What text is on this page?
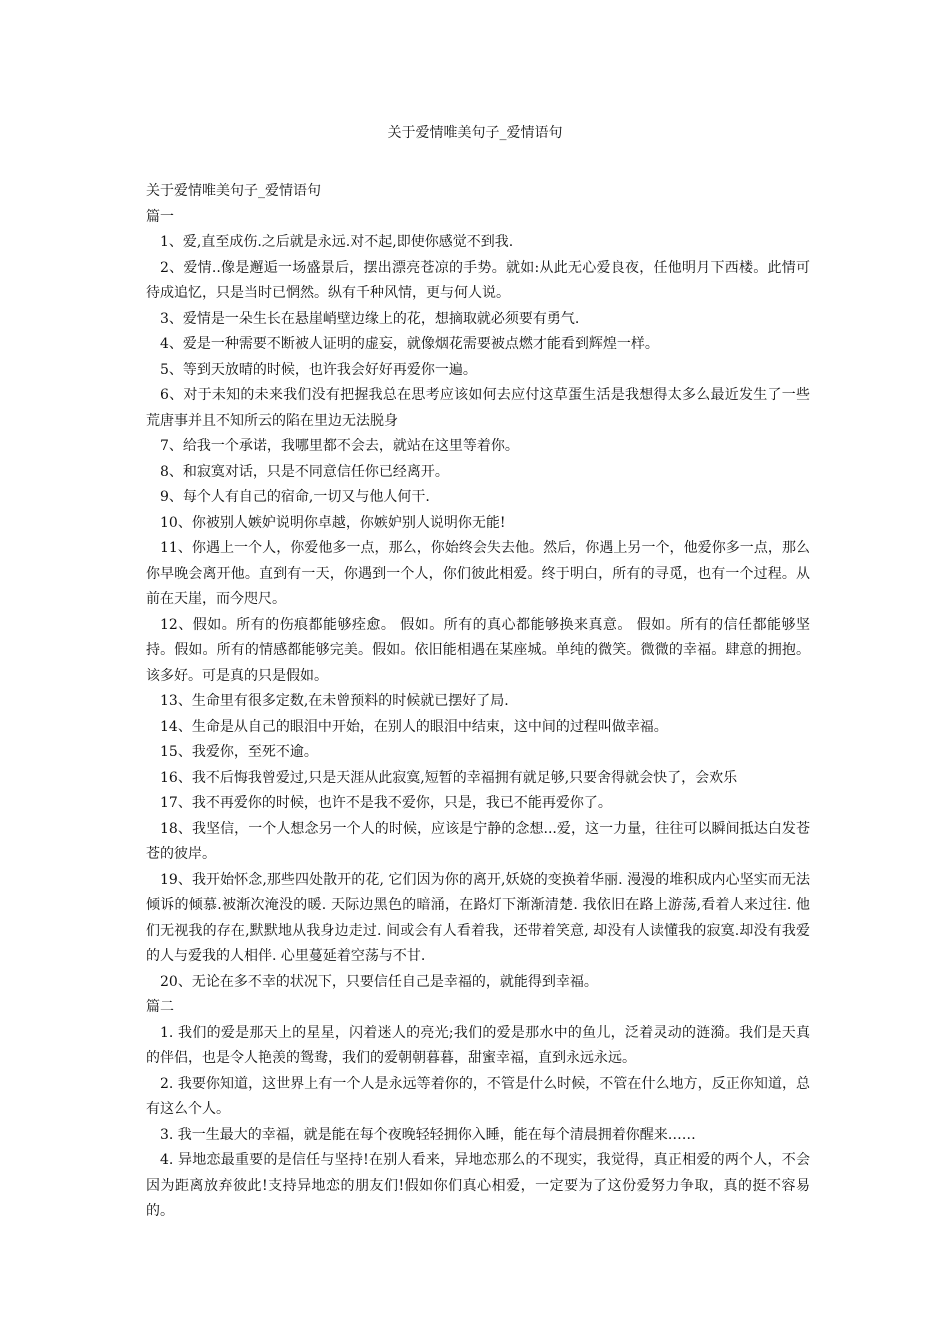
关于爱情唯美句子_爱情语句

关于爱情唯美句子_爱情语句

篇一

1、爱,直至成伤.之后就是永远.对不起,即使你感觉不到我.

2、爱情..像是邂逅一场盛景后，摆出漂亮苍凉的手势。就如:从此无心爱良夜，任他明月下西楼。此情可待成追忆，只是当时已惘然。纵有千种风情，更与何人说。

3、爱情是一朵生长在悬崖峭壁边缘上的花，想摘取就必须要有勇气.

4、爱是一种需要不断被人证明的虚妄，就像烟花需要被点燃才能看到辉煌一样。

5、等到天放晴的时候，也许我会好好再爱你一遍。

6、对于未知的未来我们没有把握我总在思考应该如何去应付这草蛋生活是我想得太多么最近发生了一些荒唐事并且不知所云的陷在里边无法脱身

7、给我一个承诺，我哪里都不会去，就站在这里等着你。

8、和寂寞对话，只是不同意信任你已经离开。

9、每个人有自己的宿命,一切又与他人何干.

10、你被别人嫉妒说明你卓越，你嫉妒别人说明你无能!

11、你遇上一个人，你爱他多一点，那么，你始终会失去他。然后，你遇上另一个，他爱你多一点，那么你早晚会离开他。直到有一天，你遇到一个人，你们彼此相爱。终于明白，所有的寻觅，也有一个过程。从前在天崖，而今咫尺。

12、假如。所有的伤痕都能够痊愈。 假如。所有的真心都能够换来真意。 假如。所有的信任都能够坚持。假如。所有的情感都能够完美。假如。依旧能相遇在某座城。单纯的微笑。微微的幸福。肆意的拥抱。 该多好。可是真的只是假如。

13、生命里有很多定数,在未曾预料的时候就已摆好了局.

14、生命是从自己的眼泪中开始，在别人的眼泪中结束，这中间的过程叫做幸福。

15、我爱你，至死不逾。

16、我不后悔我曾爱过,只是天涯从此寂寞,短暂的幸福拥有就足够,只要舍得就会快了，会欢乐

17、我不再爱你的时候，也许不是我不爱你，只是，我已不能再爱你了。

18、我坚信，一个人想念另一个人的时候，应该是宁静的念想...爱，这一力量，往往可以瞬间抵达白发苍苍的彼岸。

19、我开始怀念,那些四处散开的花, 它们因为你的离开,妖娆的变换着华丽. 漫漫的堆积成内心坚实而无法倾诉的倾慕.被渐次淹没的暖. 天际边黑色的暗涌，在路灯下渐渐清楚. 我依旧在路上游荡,看着人来过往. 他们无视我的存在,默默地从我身边走过. 间或会有人看着我，还带着笑意, 却没有人读懂我的寂寞.却没有我爱的人与爱我的人相伴. 心里蔓延着空荡与不甘.

20、无论在多不幸的状况下，只要信任自己是幸福的，就能得到幸福。

篇二

1. 我们的爱是那天上的星星，闪着迷人的亮光;我们的爱是那水中的鱼儿，泛着灵动的涟漪。我们是天真的伴侣，也是令人艳羡的鸳鸯，我们的爱朝朝暮暮，甜蜜幸福，直到永远永远。

2. 我要你知道，这世界上有一个人是永远等着你的，不管是什么时候，不管在什么地方，反正你知道，总有这么个人。

3. 我一生最大的幸福，就是能在每个夜晚轻轻拥你入睡，能在每个清晨拥着你醒来……

4. 异地恋最重要的是信任与坚持!在别人看来，异地恋那么的不现实，我觉得，真正相爱的两个人，不会因为距离放弃彼此!支持异地恋的朋友们!假如你们真心相爱，一定要为了这份爱努力争取，真的挺不容易的。
